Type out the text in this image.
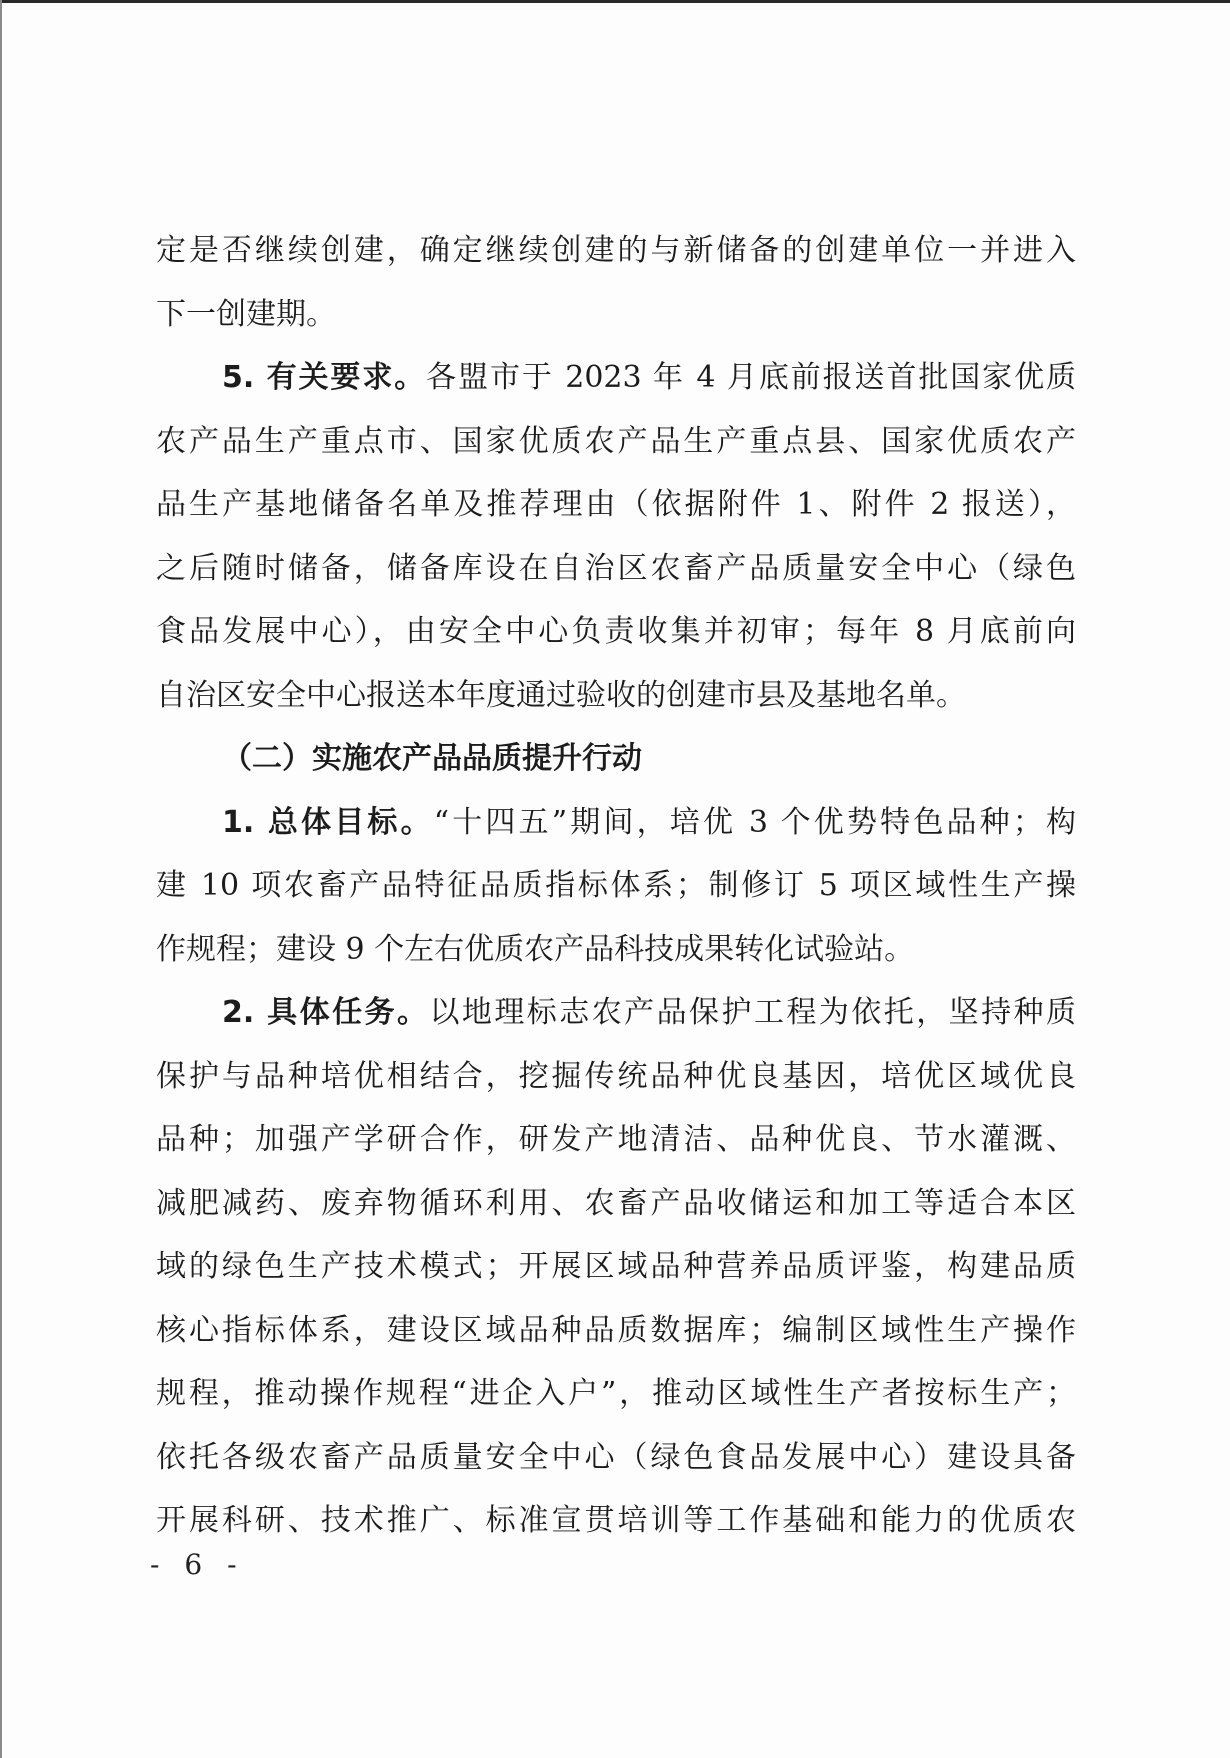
定是否继续创建，确定继续创建的与新储备的创建单位一并进入
下一创建期。
5. 有关要求。各盟市于 2023 年 4 月底前报送首批国家优质
农产品生产重点市、国家优质农产品生产重点县、国家优质农产
品生产基地储备名单及推荐理由（依据附件 1、附件 2 报送），
之后随时储备，储备库设在自治区农畜产品质量安全中心（绿色
食品发展中心），由安全中心负责收集并初审；每年 8 月底前向
自治区安全中心报送本年度通过验收的创建市县及基地名单。
（二）实施农产品品质提升行动
1. 总体目标。“十四五”期间，培优 3 个优势特色品种；构
建 10 项农畜产品特征品质指标体系；制修订 5 项区域性生产操
作规程；建设 9 个左右优质农产品科技成果转化试验站。
2. 具体任务。以地理标志农产品保护工程为依托，坚持种质
保护与品种培优相结合，挖掘传统品种优良基因，培优区域优良
品种；加强产学研合作，研发产地清洁、品种优良、节水灌溉、
减肥减药、废弃物循环利用、农畜产品收储运和加工等适合本区
域的绿色生产技术模式；开展区域品种营养品质评鉴，构建品质
核心指标体系，建设区域品种品质数据库；编制区域性生产操作
规程，推动操作规程“进企入户”，推动区域性生产者按标生产；
依托各级农畜产品质量安全中心（绿色食品发展中心）建设具备
开展科研、技术推广、标准宣贯培训等工作基础和能力的优质农
- 6 -
